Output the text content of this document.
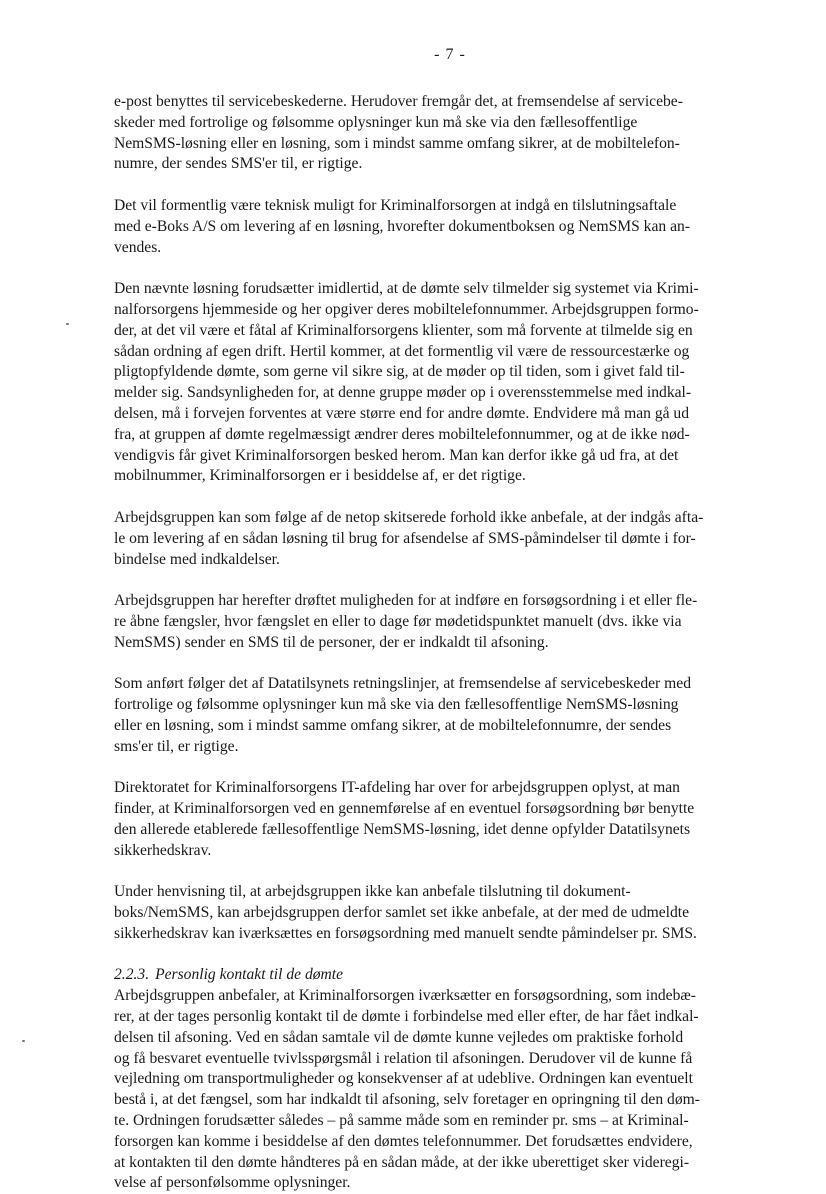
- 7 -
e-post benyttes til servicebeskederne. Herudover fremgår det, at fremsendelse af servicebe-
skeder med fortrolige og følsomme oplysninger kun må ske via den fællesoffentlige
NemSMS-løsning eller en løsning, som i mindst samme omfang sikrer, at de mobiltelefon-
numre, der sendes SMS'er til, er rigtige.
Det vil formentlig være teknisk muligt for Kriminalforsorgen at indgå en tilslutningsaftale
med e-Boks A/S om levering af en løsning, hvorefter dokumentboksen og NemSMS kan an-
vendes.
Den nævnte løsning forudsætter imidlertid, at de dømte selv tilmelder sig systemet via Krimi-
nalforsorgens hjemmeside og her opgiver deres mobiltelefonnummer. Arbejdsgruppen formo-
der, at det vil være et fåtal af Kriminalforsorgens klienter, som må forvente at tilmelde sig en
sådan ordning af egen drift. Hertil kommer, at det formentlig vil være de ressourcestærke og
pligtopfyldende dømte, som gerne vil sikre sig, at de møder op til tiden, som i givet fald til-
melder sig. Sandsynligheden for, at denne gruppe møder op i overensstemmelse med indkal-
delsen, må i forvejen forventes at være større end for andre dømte. Endvidere må man gå ud
fra, at gruppen af dømte regelmæssigt ændrer deres mobiltelefonnummer, og at de ikke nød-
vendigvis får givet Kriminalforsorgen besked herom. Man kan derfor ikke gå ud fra, at det
mobilnummer, Kriminalforsorgen er i besiddelse af, er det rigtige.
Arbejdsgruppen kan som følge af de netop skitserede forhold ikke anbefale, at der indgås afta-
le om levering af en sådan løsning til brug for afsendelse af SMS-påmindelser til dømte i for-
bindelse med indkaldelser.
Arbejdsgruppen har herefter drøftet muligheden for at indføre en forsøgsordning i et eller fle-
re åbne fængsler, hvor fængslet en eller to dage før mødetidspunktet manuelt (dvs. ikke via
NemSMS) sender en SMS til de personer, der er indkaldt til afsoning.
Som anført følger det af Datatilsynets retningslinjer, at fremsendelse af servicebeskeder med
fortrolige og følsomme oplysninger kun må ske via den fællesoffentlige NemSMS-løsning
eller en løsning, som i mindst samme omfang sikrer, at de mobiltelefonnumre, der sendes
sms'er til, er rigtige.
Direktoratet for Kriminalforsorgens IT-afdeling har over for arbejdsgruppen oplyst, at man
finder, at Kriminalforsorgen ved en gennemførelse af en eventuel forsøgsordning bør benytte
den allerede etablerede fællesoffentlige NemSMS-løsning, idet denne opfylder Datatilsynets
sikkerhedskrav.
Under henvisning til, at arbejdsgruppen ikke kan anbefale tilslutning til dokument-
boks/NemSMS, kan arbejdsgruppen derfor samlet set ikke anbefale, at der med de udmeldte
sikkerhedskrav kan iværksættes en forsøgsordning med manuelt sendte påmindelser pr. SMS.
2.2.3. Personlig kontakt til de dømte
Arbejdsgruppen anbefaler, at Kriminalforsorgen iværksætter en forsøgsordning, som indebæ-
rer, at der tages personlig kontakt til de dømte i forbindelse med eller efter, de har fået indkal-
delsen til afsoning. Ved en sådan samtale vil de dømte kunne vejledes om praktiske forhold
og få besvaret eventuelle tvivlsspørgsmål i relation til afsoningen. Derudover vil de kunne få
vejledning om transportmuligheder og konsekvenser af at udeblive. Ordningen kan eventuelt
bestå i, at det fængsel, som har indkaldt til afsoning, selv foretager en opringning til den døm-
te. Ordningen forudsætter således – på samme måde som en reminder pr. sms – at Kriminal-
forsorgen kan komme i besiddelse af den dømtes telefonnummer. Det forudsættes endvidere,
at kontakten til den dømte håndteres på en sådan måde, at der ikke uberettiget sker videregi-
velse af personfølsomme oplysninger.
